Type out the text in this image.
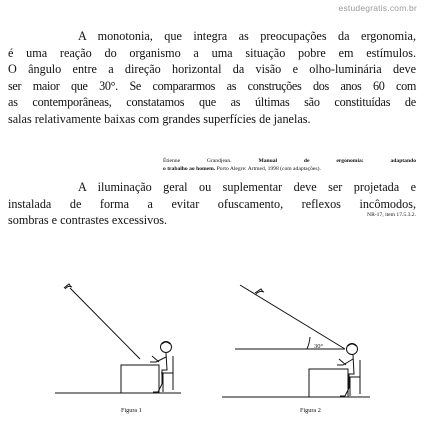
estudegratis.com.br
A monotonia, que integra as preocupações da ergonomia,
é uma reação do organismo a uma situação pobre em estímulos.
O ângulo entre a direção horizontal da visão e olho-luminária deve
ser maior que 30°. Se compararmos as construções dos anos 60 com
as contemporâneas, constatamos que as últimas são constituídas de
salas relativamente baixas com grandes superfícies de janelas.
Étienne Grandjean.	Manual de ergonomia: adaptando
o trabalho ao homem. Porto Alegre: Artmed, 1998 (com adaptações).
A iluminação geral ou suplementar deve ser projetada e
instalada de forma a evitar ofuscamento, reflexos incômodos,
sombras e contrastes excessivos.	NR-17, item 17.5.3.2.
Figura 1
30°
Figura 2
